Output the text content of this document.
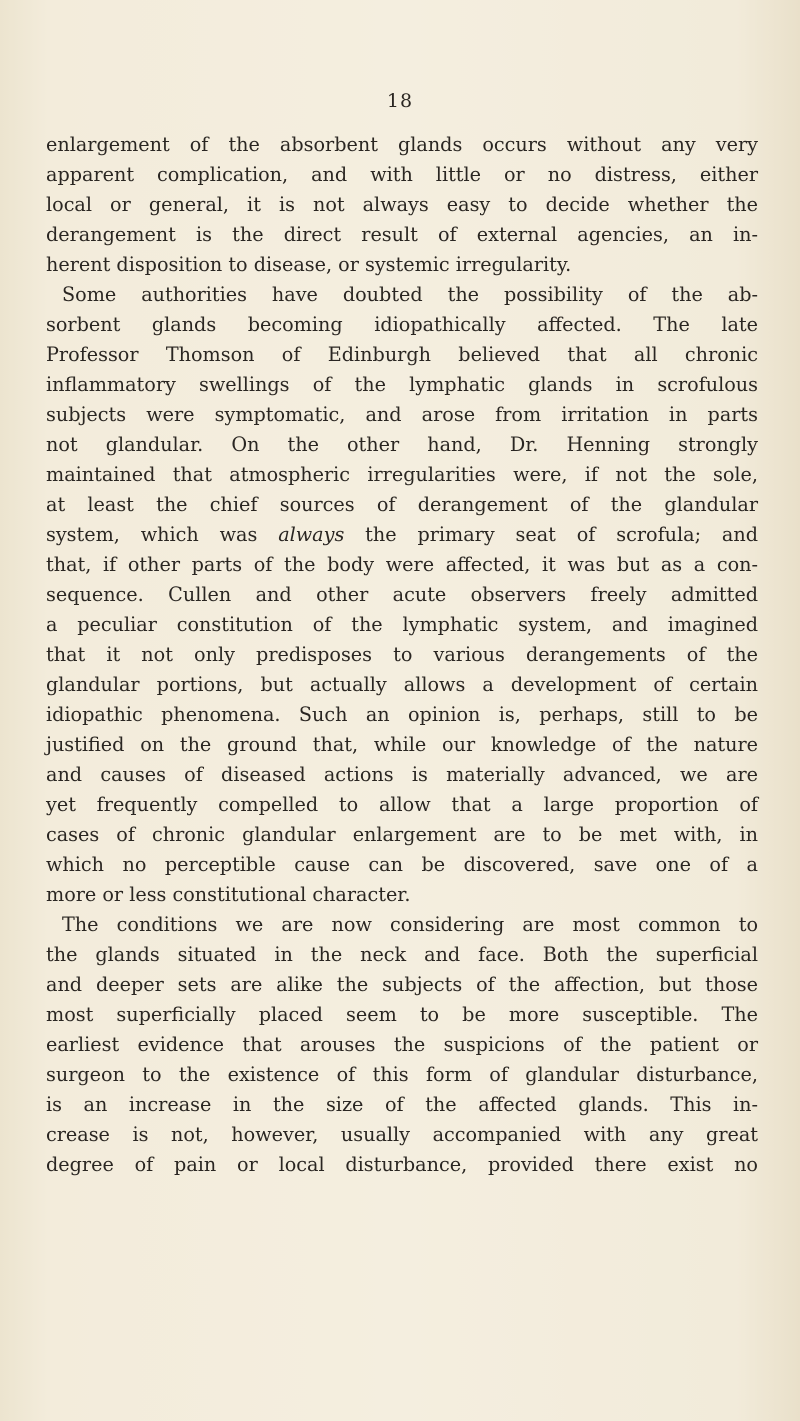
18
enlargement of the absorbent glands occurs without any very
apparent complication, and with little or no distress, either
local or general, it is not always easy to decide whether the
derangement is the direct result of external agencies, an in-
herent disposition to disease, or systemic irregularity.
Some authorities have doubted the possibility of the ab-
sorbent glands becoming idiopathically affected. The late
Professor Thomson of Edinburgh believed that all chronic
inflammatory swellings of the lymphatic glands in scrofulous
subjects were symptomatic, and arose from irritation in parts
not glandular. On the other hand, Dr. Henning strongly
maintained that atmospheric irregularities were, if not the sole,
at least the chief sources of derangement of the glandular
system, which was always the primary seat of scrofula; and
that, if other parts of the body were affected, it was but as a con-
sequence. Cullen and other acute observers freely admitted
a peculiar constitution of the lymphatic system, and imagined
that it not only predisposes to various derangements of the
glandular portions, but actually allows a development of certain
idiopathic phenomena. Such an opinion is, perhaps, still to be
justified on the ground that, while our knowledge of the nature
and causes of diseased actions is materially advanced, we are
yet frequently compelled to allow that a large proportion of
cases of chronic glandular enlargement are to be met with, in
which no perceptible cause can be discovered, save one of a
more or less constitutional character.
The conditions we are now considering are most common to
the glands situated in the neck and face. Both the superficial
and deeper sets are alike the subjects of the affection, but those
most superficially placed seem to be more susceptible. The
earliest evidence that arouses the suspicions of the patient or
surgeon to the existence of this form of glandular disturbance,
is an increase in the size of the affected glands. This in-
crease is not, however, usually accompanied with any great
degree of pain or local disturbance, provided there exist no
